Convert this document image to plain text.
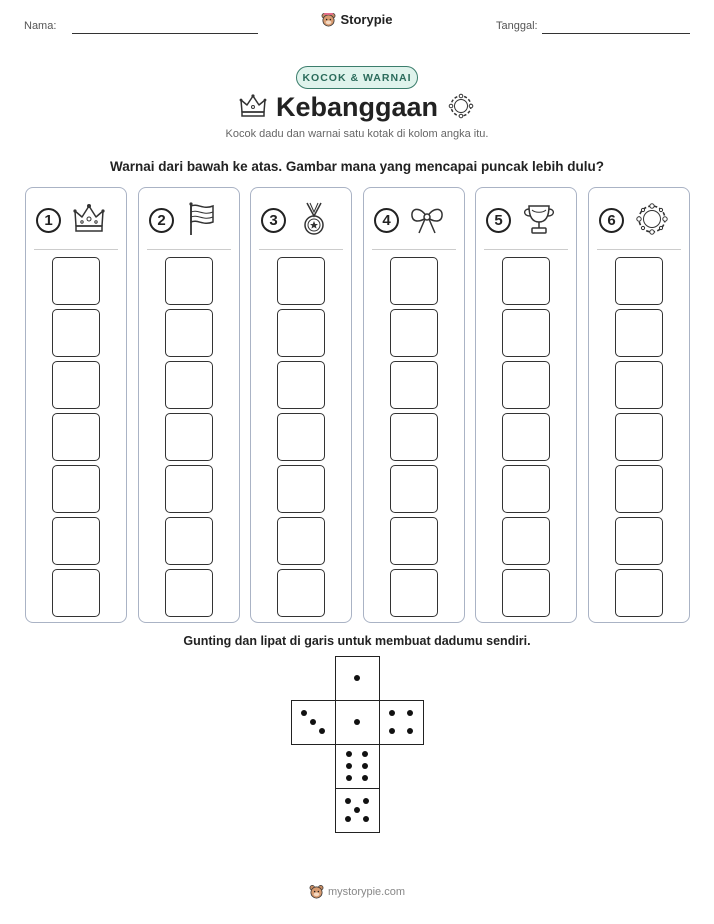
Nama:	Storypie	Tanggal:
KOCOK & WARNAI
Kebanggaan
Kocok dadu dan warnai satu kotak di kolom angka itu.
Warnai dari bawah ke atas. Gambar mana yang mencapai puncak lebih dulu?
1	2	3	4	5	6
Gunting dan lipat di garis untuk membuat dadumu sendiri.
mystorypie.com
